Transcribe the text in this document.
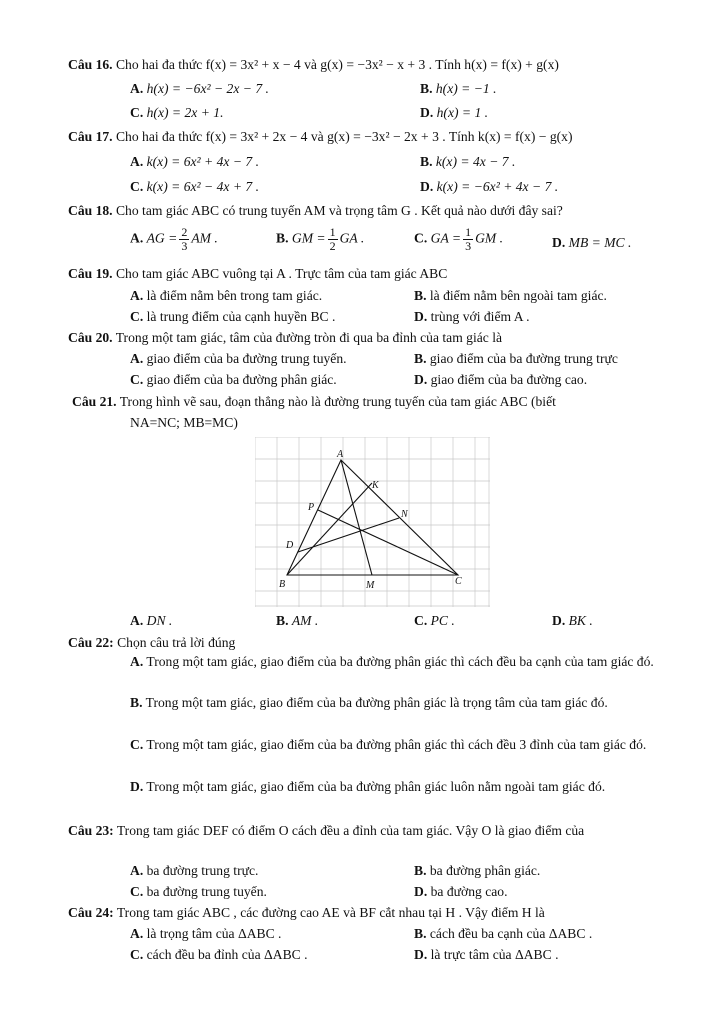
Câu 16. Cho hai đa thức f(x) = 3x² + x − 4 và g(x) = −3x² − x + 3 . Tính h(x) = f(x) + g(x)
A. h(x) = −6x² − 2x − 7 .	B. h(x) = −1 .
C. h(x) = 2x + 1.	D. h(x) = 1 .
Câu 17. Cho hai đa thức f(x) = 3x² + 2x − 4 và g(x) = −3x² − 2x + 3 . Tính k(x) = f(x) − g(x)
A. k(x) = 6x² + 4x − 7 .	B. k(x) = 4x − 7 .
C. k(x) = 6x² − 4x + 7 .	D. k(x) = −6x² + 4x − 7 .
Câu 18. Cho tam giác ABC có trung tuyến AM và trọng tâm G . Kết quả nào dưới đây sai?
A. AG = $\frac{2}{3}$ AM .	B. GM = $\frac{1}{2}$ GA .	C. GA = $\frac{1}{3}$ GM .	D. MB = MC .
Câu 19. Cho tam giác ABC vuông tại A . Trực tâm của tam giác ABC
A. là điểm nằm bên trong tam giác.	B. là điểm nằm bên ngoài tam giác.
C. là trung điểm của cạnh huyền BC .	D. trùng với điểm A .
Câu 20. Trong một tam giác, tâm của đường tròn đi qua ba đỉnh của tam giác là
A. giao điểm của ba đường trung tuyến.	B. giao điểm của ba đường trung trực
C. giao điểm của ba đường phân giác.	D. giao điểm của ba đường cao.
Câu 21. Trong hình vẽ sau, đoạn thẳng nào là đường trung tuyến của tam giác ABC (biết
NA=NC; MB=MC)
A
K
P
N
D
B	M	C
A. DN .	B. AM .	C. PC .	D. BK .
Câu 22: Chọn câu trả lời đúng
A. Trong một tam giác, giao điểm của ba đường phân giác thì cách đều ba cạnh của tam giác đó.
B. Trong một tam giác, giao điểm của ba đường phân giác là trọng tâm của tam giác đó.
C. Trong một tam giác, giao điểm của ba đường phân giác thì cách đều 3 đỉnh của tam giác đó.
D. Trong một tam giác, giao điểm của ba đường phân giác luôn nằm ngoài tam giác đó.
Câu 23: Trong tam giác DEF có điểm O cách đều a đỉnh của tam giác. Vậy O là giao điểm của
A. ba đường trung trực.	B. ba đường phân giác.
C. ba đường trung tuyến.	D. ba đường cao.
Câu 24: Trong tam giác ABC , các đường cao AE và BF cắt nhau tại H . Vậy điểm H là
A. là trọng tâm của ΔABC .	B. cách đều ba cạnh của ΔABC .
C. cách đều ba đỉnh của ΔABC .	D. là trực tâm của ΔABC .
